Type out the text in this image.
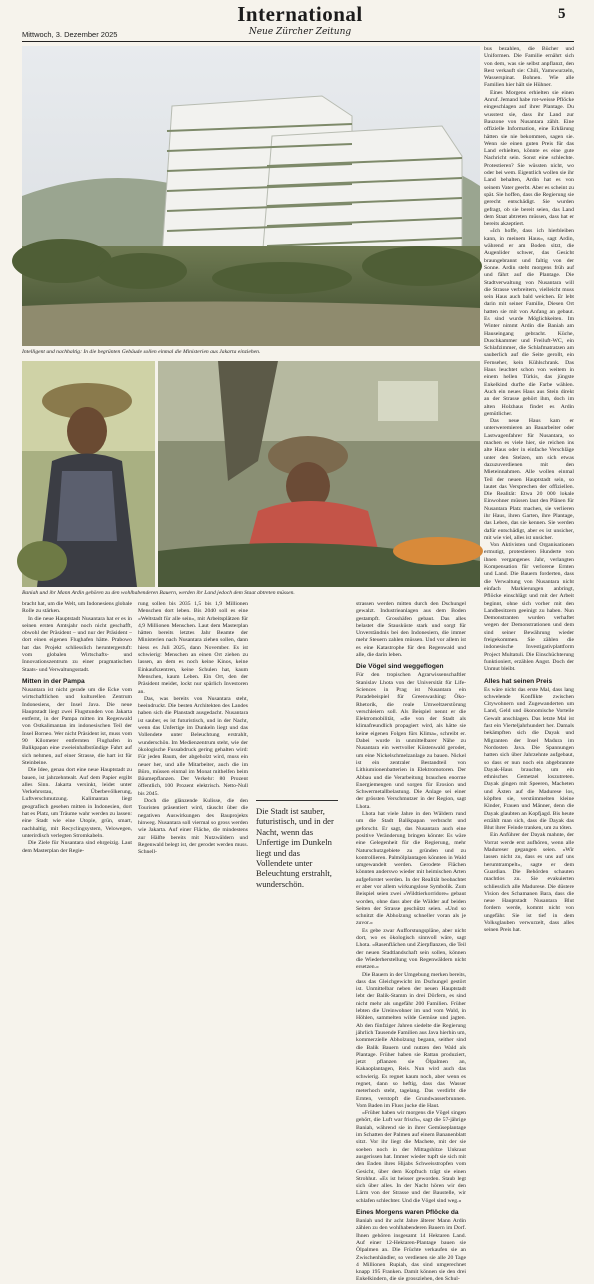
Mittwoch, 3. Dezember 2025
International
Neue Zürcher Zeitung
5
Intelligent und nachhaltig: In die begrünten Gebäude sollen einmal die Ministerien aus Jakarta einziehen.
Baniah und ihr Mann Ardin gehören zu den wohlhabenderen Bauern, werden ihr Land jedoch dem Staat abtreten müssen.

bracht hat, um die Welt, um Indonesiens globale Rolle zu stärken.

In die neue Hauptstadt Nusantara hat er es in seinen ersten Amtsjahr noch nicht geschafft, obwohl der Präsident – und nur der Präsident – dort einen eigenen Flughafen hätte. Prabowo hat das Projekt schliesslich heruntergestuft: vom globalen Wirtschafts- und Innovationszentrum zu einer pragmatischen Staats- und Verwaltungsstadt.

Mitten in der Pampa

Nusantara ist nicht gerade um die Ecke vom wirtschaftlichen und kulturellen Zentrum Indonesiens, der Insel Java. Die neue Hauptstadt liegt zwei Flugstunden von Jakarta entfernt, in der Pampa mitten im Regenwald von Ostkalimantan im indonesischen Teil der Insel Borneo. Wer nicht Präsident ist, muss vom 90 Kilometer entfernten Flughafen in Balikpapan eine zweieinhalbstündige Fahrt auf sich nehmen, auf einer Strasse, die hart ist für Steinbeine.

Die Idee, genau dort eine neue Hauptstadt zu bauen, ist jahrzehntealt. Auf dem Papier ergibt alles Sinn. Jakarta versinkt, leidet unter Verkehrsstau, Überbevölkerung, Luftverschmutzung. Kalimantan liegt geografisch gesehen mitten in Indonesien, dort hat es Platz, um Träume wahr werden zu lassen: eine Stadt wie eine Utopie, grün, smart, nachhaltig, mit Recyclingsystem, Velowegen, unterirdisch verlegten Stromkabeln.

Die Ziele für Nusantara sind ehrgeizig. Laut dem Masterplan der Regie-

rung sollen bis 2035 1,5 bis 1,9 Millionen Menschen dort leben. Bis 2040 soll es eine «Weltstadt für alle sein», mit Arbeitsplätzen für 4,9 Millionen Menschen. Laut dem Masterplan hätten bereits letztes Jahr Beamte der Ministerien nach Nusantara ziehen sollen, dann hiess es Juli 2025, dann November. Es ist schwierig: Menschen an einen Ort ziehen zu lassen, an dem es noch keine Kinos, keine Einkaufszentren, keine Schulen hat, kaum Menschen, kaum Leben. Ein Ort, den der Präsident meidet, lockt nur spärlich Investoren an.

Das, was bereits von Nusantara steht, beeindruckt. Die besten Architekten des Landes haben sich die Planstadt ausgedacht. Nusantara ist sauber, es ist futuristisch, und in der Nacht, wenn das Unfertige im Dunkeln liegt und das Vollendete unter Beleuchtung erstrahlt, wunderschön. Im Medienzentrum steht, wie der ökologische Fussabdruck gering gehalten wird: Für jeden Baum, der abgeholzt wird, muss ein neuer her, und alle Mitarbeiter, auch die im Büro, müssen einmal im Monat mithelfen beim Bäumepflanzen. Der Verkehr: 80 Prozent öffentlich, 100 Prozent elektrisch. Netto-Null bis 2045.

Doch die glänzende Kulisse, die den Touristen präsentiert wird, täuscht über die negativen Auswirkungen des Bauprojekts hinweg. Nusantara soll viermal so gross werden wie Jakarta. Auf einer Fläche, die mindestens zur Hälfte bereits mit Nutzwäldern und Regenwald belegt ist, der gerodet werden muss. Schnell-

Die Stadt ist sauber, futuristisch, und in der Nacht, wenn das Unfertige im Dunkeln liegt und das Vollendete unter Beleuchtung erstrahlt, wunderschön.

strassen werden mitten durch den Dschungel gewalzt. Industrieanlagen aus dem Boden gestampft. Grosshäfen gebaut. Das alles belastet die Stausküste stark und sorgt für Unverständnis bei den Indonesiern, die immer mehr Steuern zahlen müssen. Und vor allem ist es eine Katastrophe für den Regenwald und alle, die darin leben.

Die Vögel sind weggeflogen

Für den tropischen Agrarwissenschaftler Stanislav Lhota von der Universität für Life-Sciences in Prag ist Nusantara ein Paradebeispiel für Greenwashing: Öko-Rhetorik, die reale Umweltzerstörung verschleiern soll. Als Beispiel nennt er die Elektromobilität, «die von der Stadt als klimafreundlich propagiert wird, als hätte sie keine eigenen Folgen fürs Klima», schreibt er. Dabei wurde in unmittelbarer Nähe zu Nusantara ein wertvoller Küstenwald gerodet, um eine Nickelschmelzanlage zu bauen. Nickel ist ein zentraler Bestandteil von Lithiumionenbatterien in Elektromotoren. Der Abbau und die Verarbeitung brauchen enorme Energiemengen und sorgen für Erosion und Schwermetallbelastung. Die Anlage sei einer der grössten Verschmutzer in der Region, sagt Lhota.

Lhota hat viele Jahre in den Wäldern rund um die Stadt Balikpapan verbracht und geforscht. Er sagt, das Nusantara auch eine positive Veränderung bringen könnte: Es wäre eine Gelegenheit für die Regierung, mehr Naturschutzgebiete zu gründen und zu kontrollieren. Palmölplantagen könnten in Wald umgewandelt werden. Gerodete Flächen könnten anderswo wieder mit heimischen Arten aufgeforstet werden. In der Realität beobachtet er aber vor allem wirkungslose Symbolik. Zum Beispiel seien zwei «Wildtierkorridore» gebaut worden, ohne dass aber die Wälder auf beiden Seiten der Strasse geschützt seien. «Und so schnitzt die Abholzung schneller voran als je zuvor.»

Es gebe zwar Aufforstungspläne, aber nicht dort, wo es ökologisch sinnvoll wäre, sagt Lhota. «Rasenflächen und Zierpflanzen, die Teil der neuen Stadtlandschaft sein sollen, können die Wiederherstellung von Regenwäldern nicht ersetzen.»

Die Bauern in der Umgebung merken bereits, dass das Gleichgewicht im Dschungel gestört ist. Unmittelbar neben der neuen Hauptstadt lebt der Balik-Stamm in drei Dörfern, es sind nicht mehr als ungefähr 200 Familien. Früher lebten die Ureinwohner im und vom Wald, in Höhlen, sammelten wilde Gemüse und jagten. Ab den fünfziger Jahren siedelte die Regierung jährlich Tausende Familien aus Java hierhin um, kommerzielle Abholzung begann, seither sind die Balik Bauern und nutzen den Wald als Plantage. Früher haben sie Rattan produziert, jetzt pflanzen sie Ölpalmen an, Kakaoplantagen, Reis. Nun wird auch das schwierig. Es regnet kaum noch, aber wenn es regnet, dann so heftig, dass das Wasser meterhoch steht, tagelang. Das verdirbt die Ernten, verstopft die Grundwasserbrunnen. Vom Baden im Fluss jucke die Haut.

«Früher haben wir morgens die Vögel singen gehört, die Luft war frisch», sagt die 57-jährige Baniah, während sie in ihrer Gemüseplantage im Schatten der Palmen auf einem Bananenblatt sitzt. Vor ihr liegt die Machete, mit der sie soeben noch in der Mittagshitze Unkraut ausgerissen hat. Immer wieder tupft sie sich mit den Enden ihres Hijabs Schweisstropfen vom Gesicht, über dem Kopftuch trägt sie einen Strohhut. «Es ist heisser geworden. Staub legt sich über alles. In der Nacht hören wir den Lärm von der Strasse und der Baustelle, wir schlafen schlechter. Und die Vögel sind weg.»

Eines Morgens waren Pflöcke da

Baniah und ihr acht Jahre älterer Mann Ardin zählen zu den wohlhabenderen Bauern im Dorf. Ihnen gehören insgesamt 14 Hektaren Land. Auf einer 12-Hektaren-Plantage bauen sie Ölpalmen an. Die Früchte verkaufen sie an Zwischenhändler, so verdienen sie alle 20 Tage 4 Millionen Rupiah, das sind umgerechnet knapp 195 Franken. Damit können sie den drei Enkelkindern, die sie grossziehen, den Schul-

bus bezahlen, die Bücher und Uniformen. Die Familie ernährt sich von dem, was sie selbst anpflanzt, den Rest verkauft sie: Chili, Yamswurzeln, Wasserspinat. Bohnen. Wie alle Familien hier hält sie Hühner.

Eines Morgens erhielten sie einen Anruf. Jemand habe rot-weisse Pflöcke eingeschlagen auf ihrer Plantage. Du wusstest sie, dass ihr Land zur Bauzone von Nusantara zählt. Eine offizielle Information, eine Erklärung hätten sie nie bekommen, sagen sie. Wenn sie einen guten Preis für das Land erhielten, könnte es eine gute Nachricht sein. Sonst eine schlechte. Protestieren? Sie wüssten nicht, wo oder bei wem. Eigentlich wollen sie ihr Land behalten, Ardin hat es von seinem Vater geerbt. Aber es scheint zu spät. Sie hoffen, dass die Regierung sie gerecht entschädigt. Sie wurden gefragt, ob sie bereit seien, das Land dem Staat abtreten müssen, dass hat er bereits akzeptiert.

«Ich hoffe, dass ich hierbleiben kann, in meinem Haus», sagt Ardin, während er am Boden sitzt, die Augenlider schwer, das Gesicht braungebrannt und faltig von der Sonne. Ardin steht morgens früh auf und fährt auf die Plantage. Die Stadtverwaltung von Nusantara will die Strasse verbreitern, vielleicht muss sein Haus auch bald weichen. Er lebt darin mit seiner Familie, Diesen Ort hatten sie mit von Anfang an gebaut. Es sind wurde Möglichkeiten. Im Winter nimmt Ardin die Baniah am Hauseingang gebracht. Küche, Duschkammer und Freiluft-WC, ein Schlafzimmer, die Schlafmatratzen am sauberlich auf die Seite gerollt, ein Fernseher, kein Kühlschrank. Das Haus leuchtet schon von weitem in einem hellen Türkis, das jüngste Enkelkind durfte die Farbe wählen. Auch ein neues Haus aus Stein direkt an der Strasse gehört ihm, doch im alten Holzhaus findet es Ardin gemütlicher.

Das neue Haus kam er unterweremieren an Bauarbeiter oder Lastwagenfahrer für Nusantara, so machen es viele hier, sie reichen ins alte Haus oder in einfache Verschläge unter den Stelzen, um sich etwas dazuzuverdienen mit den Mieteinnahmen. Alle wollen einmal Teil der neuen Hauptstadt sein, so lautet das Versprechen der offiziellen. Die Realität: Etwa 20 000 lokale Einwohner müssen laut den Plänen für Nusantara Platz machen, sie verlieren ihr Haus, ihren Garten, ihre Plantage, das Leben, das sie kennen. Sie werden dafür entschädigt, aber es ist unsicher, mit wie viel, alles ist unsicher.

Von Aktivisten und Organisationen ermutigt, protestieren Hunderte von ihnen vergangenes Jahr, verlangten Kompensation für verlorene Ernten und Land. Die Bauern forderten, dass die Verwaltung von Nusantara nicht einfach Markierungen anbringt, Pflöcke einschlägt und mit der Arbeit beginnt, ohne sich vorher mit den Landbesitzern geeinigt zu haben. Nun Demonstranten wurden verhaftet wegen der Demonstrationen und dem sind seiner Bewährung wieder freigekommen. Sie zählen die indonesische Investigativplattform Project Multatuli. Die Einschüchterung funktioniert, erzählen Angst. Doch der Unmut bleibt.

Alles hat seinen Preis

Es wäre nicht das erste Mal, dass lang schwelende Konflikte zwischen Citywohnern und Zugewanderten um Land, Geld und ökonomische Vorteile Gewalt anschlagen. Das letzte Mal ist fast ein Vierteljahrhundert her. Damals bekämpften sich die Dayak und Migranten der Insel Madura im Nordosten Java. Die Spannungen hatten sich über Jahrzehnte aufgebaut, so dass er nun noch ein abgebrannte Dayak-Haus brauchte, um ein ethnisches Gemetzel loszutreten. Dayak gingen mit Speeren, Macheten und Äxten auf die Madurese los, köpften sie, verstümmelten kleine Kinder, Frauen und Männer, denn die Dayak glaubten an Kopfjagd. Bis heute erzählt man sich, dass die Dayak das Blut ihrer Feinde tranken, um zu töten.

Ein Anführer der Dayak mahnte, der Vorrat werde erst aufhören, wenn alle Madureser gegangen seien. «Wir lassen nicht zu, dass es uns auf uns herumtrampelt», sagte er dem Guardian. Die Behörden schauten machtlos zu. Sie evakuierten schliesslich alle Madurese. Die düstere Vision des Schamanen Bara, dass die neue Hauptstadt Nusantara Blut fordern werde, kommt nicht von ungefähr. Sie ist tief in dem Volksglauben verwurzelt, dass alles seinen Preis hat.
